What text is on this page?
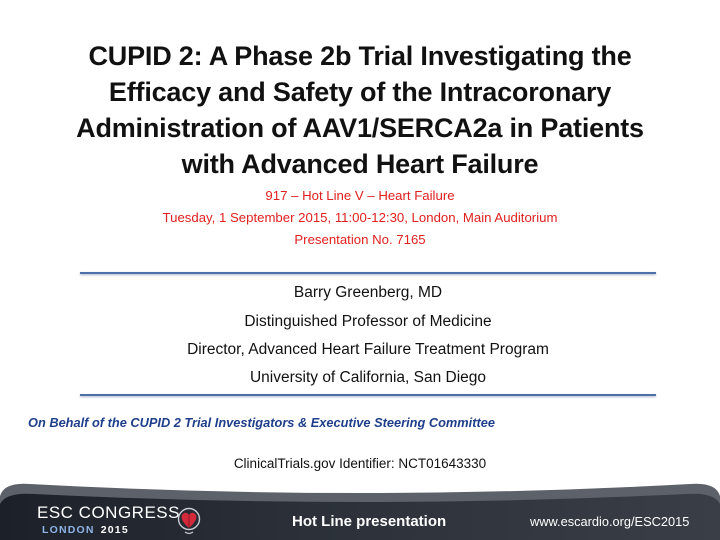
CUPID 2: A Phase 2b Trial Investigating the
Efficacy and Safety of the Intracoronary
Administration of AAV1/SERCA2a in Patients
with Advanced Heart Failure
917 – Hot Line V – Heart Failure
Tuesday, 1 September 2015, 11:00-12:30, London, Main Auditorium
Presentation No. 7165
Barry Greenberg, MD
Distinguished Professor of Medicine
Director, Advanced Heart Failure Treatment Program
University of California, San Diego
On Behalf of the CUPID 2 Trial Investigators & Executive Steering Committee
ClinicalTrials.gov Identifier: NCT01643330
ESC CONGRESS
LONDON 2015	Hot Line presentation	www.escardio.org/ESC2015
